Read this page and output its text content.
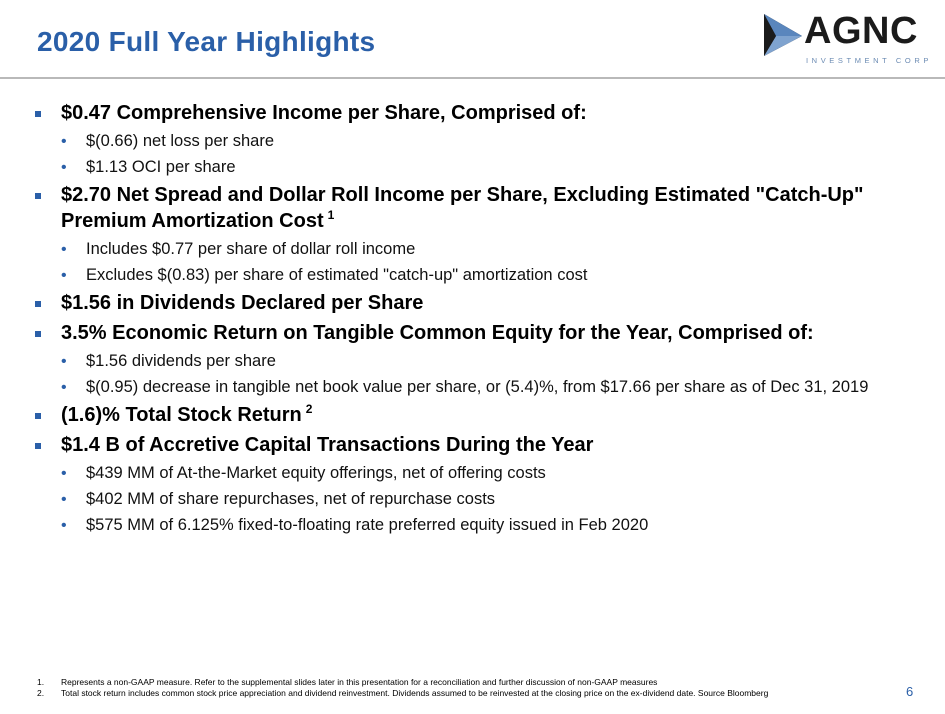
2020 Full Year Highlights	AGNC
INVESTMENT CORP
$0.47 Comprehensive Income per Share, Comprised of:
• $(0.66) net loss per share
• $1.13 OCI per share
$2.70 Net Spread and Dollar Roll Income per Share, Excluding Estimated "Catch-Up" Premium Amortization Cost $^1$
• Includes $0.77 per share of dollar roll income
• Excludes $(0.83) per share of estimated "catch-up" amortization cost
$1.56 in Dividends Declared per Share
3.5% Economic Return on Tangible Common Equity for the Year, Comprised of:
• $1.56 dividends per share
• $(0.95) decrease in tangible net book value per share, or (5.4)%, from $17.66 per share as of Dec 31, 2019
(1.6)% Total Stock Return $^2$
$1.4 B of Accretive Capital Transactions During the Year
• $439 MM of At-the-Market equity offerings, net of offering costs
• $402 MM of share repurchases, net of repurchase costs
• $575 MM of 6.125% fixed-to-floating rate preferred equity issued in Feb 2020
1. Represents a non-GAAP measure. Refer to the supplemental slides later in this presentation for a reconciliation and further discussion of non-GAAP measures
2. Total stock return includes common stock price appreciation and dividend reinvestment. Dividends assumed to be reinvested at the closing price on the ex-dividend date. Source Bloomberg	6
